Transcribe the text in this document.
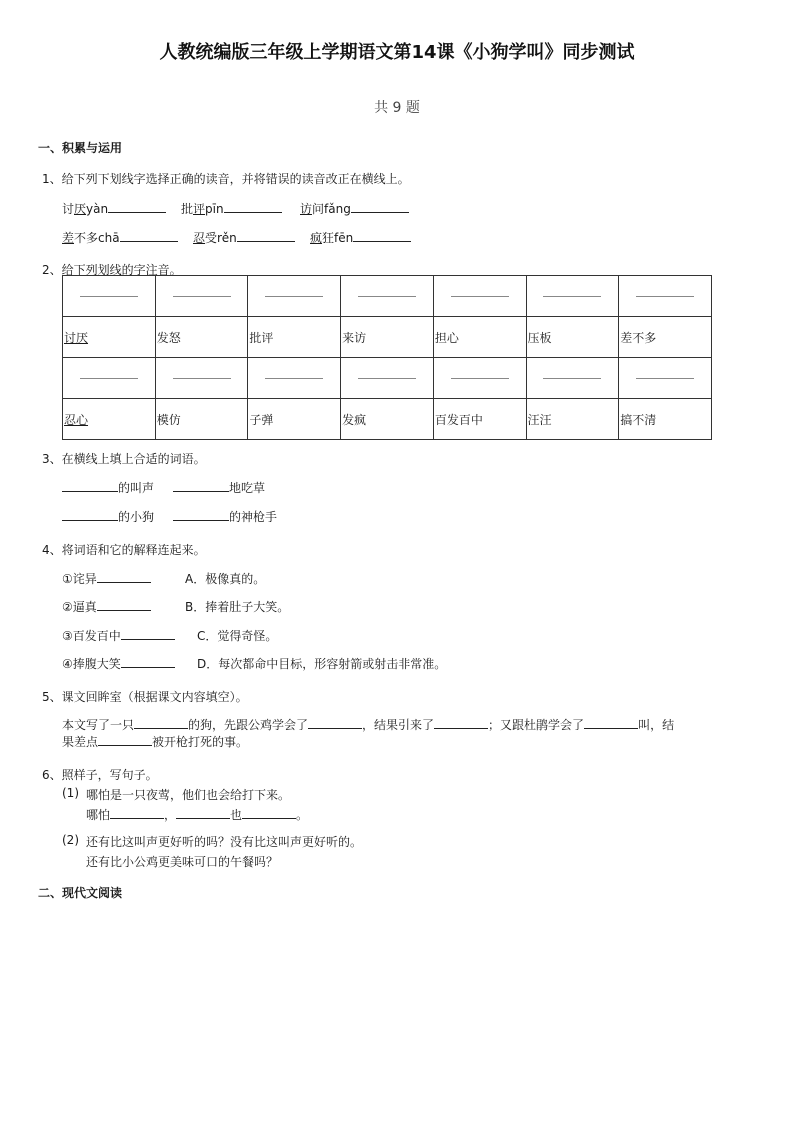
人教统编版三年级上学期语文第14课《小狗学叫》同步测试
共 9 题
一、积累与运用
1、给下列下划线字选择正确的读音，并将错误的读音改正在横线上。
讨厌yàn	批评pīn	访问fǎng
差不多chā	忍受rěn	疯狂fēn
2、给下列划线的字注音。

讨厌	发怒	批评	来访	担心	压板	差不多

忍心	模仿	子弹	发疯	百发百中	汪汪	搞不清
3、在横线上填上合适的词语。
的叫声	地吃草
的小狗	的神枪手
4、将词语和它的解释连起来。
①诧异	A．极像真的。
②逼真	B．捧着肚子大笑。
③百发百中	C．觉得奇怪。
④捧腹大笑	D．每次都命中目标，形容射箭或射击非常准。
5、课文回眸室（根据课文内容填空）。
本文写了一只	的狗，先跟公鸡学会了	，结果引来了	；又跟杜鹃学会了	叫，结
果差点	被开枪打死的事。
6、照样子，写句子。
(1) 哪怕是一只夜莺，他们也会给打下来。
哪怕	，	也	。
(2) 还有比这叫声更好听的吗？没有比这叫声更好听的。
还有比小公鸡更美味可口的午餐吗？
二、现代文阅读
